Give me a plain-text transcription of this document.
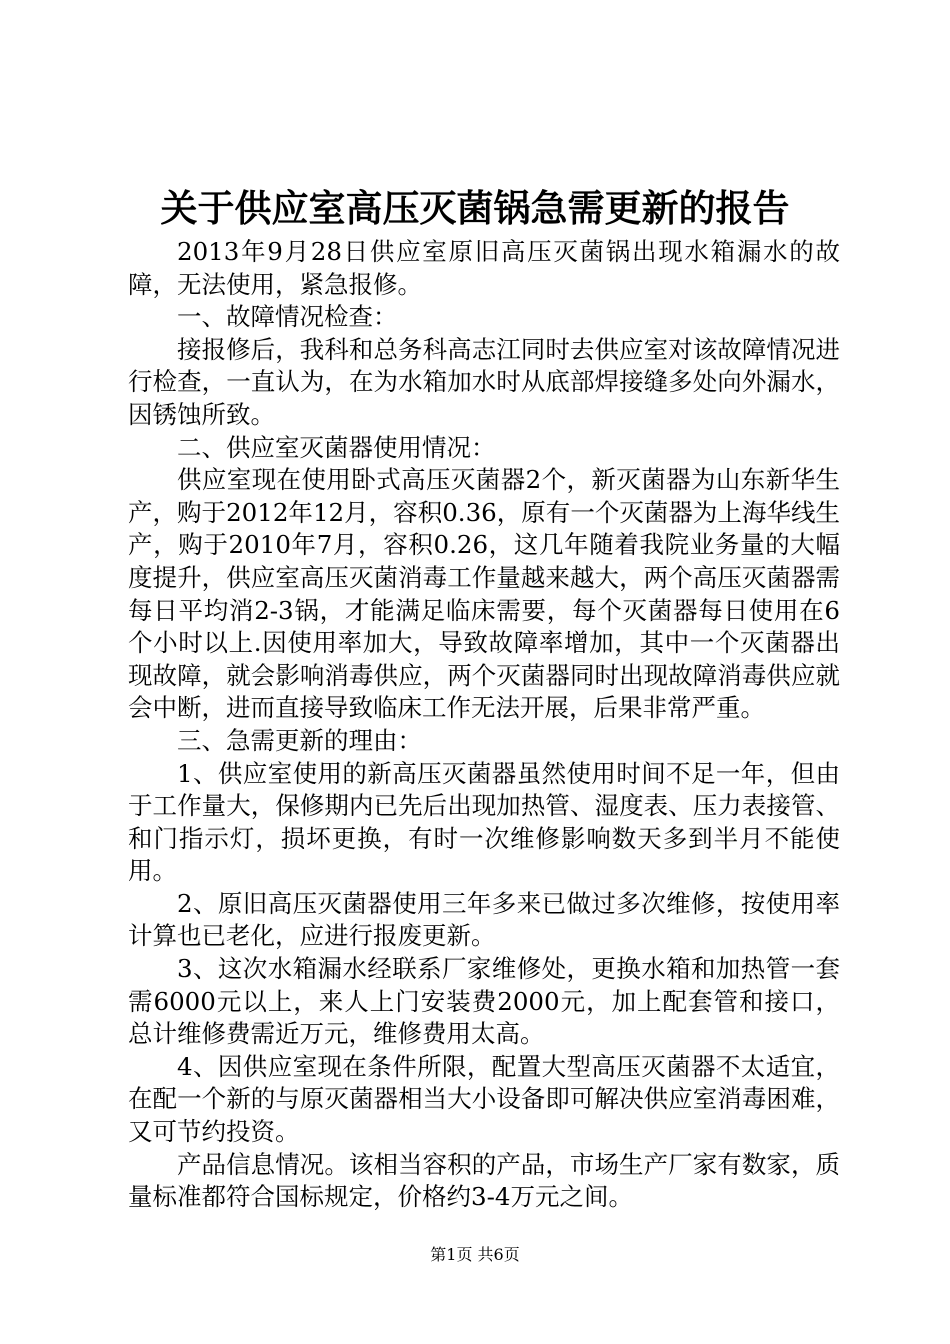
关于供应室高压灭菌锅急需更新的报告

2013年9月28日供应室原旧高压灭菌锅出现水箱漏水的故障，无法使用，紧急报修。

一、故障情况检查：

接报修后，我科和总务科高志江同时去供应室对该故障情况进行检查，一直认为，在为水箱加水时从底部焊接缝多处向外漏水，因锈蚀所致。

二、供应室灭菌器使用情况：

供应室现在使用卧式高压灭菌器2个，新灭菌器为山东新华生产，购于2012年12月，容积0.36，原有一个灭菌器为上海华线生产，购于2010年7月，容积0.26，这几年随着我院业务量的大幅度提升，供应室高压灭菌消毒工作量越来越大，两个高压灭菌器需每日平均消2-3锅，才能满足临床需要，每个灭菌器每日使用在6个小时以上.因使用率加大，导致故障率增加，其中一个灭菌器出现故障，就会影响消毒供应，两个灭菌器同时出现故障消毒供应就会中断，进而直接导致临床工作无法开展，后果非常严重。

三、急需更新的理由：

1、供应室使用的新高压灭菌器虽然使用时间不足一年，但由于工作量大，保修期内已先后出现加热管、湿度表、压力表接管、和门指示灯，损坏更换，有时一次维修影响数天多到半月不能使用。

2、原旧高压灭菌器使用三年多来已做过多次维修，按使用率计算也已老化，应进行报废更新。

3、这次水箱漏水经联系厂家维修处，更换水箱和加热管一套需6000元以上，来人上门安装费2000元，加上配套管和接口，总计维修费需近万元，维修费用太高。

4、因供应室现在条件所限，配置大型高压灭菌器不太适宜，在配一个新的与原灭菌器相当大小设备即可解决供应室消毒困难，又可节约投资。

产品信息情况。该相当容积的产品，市场生产厂家有数家，质量标准都符合国标规定，价格约3-4万元之间。

第1页 共6页
